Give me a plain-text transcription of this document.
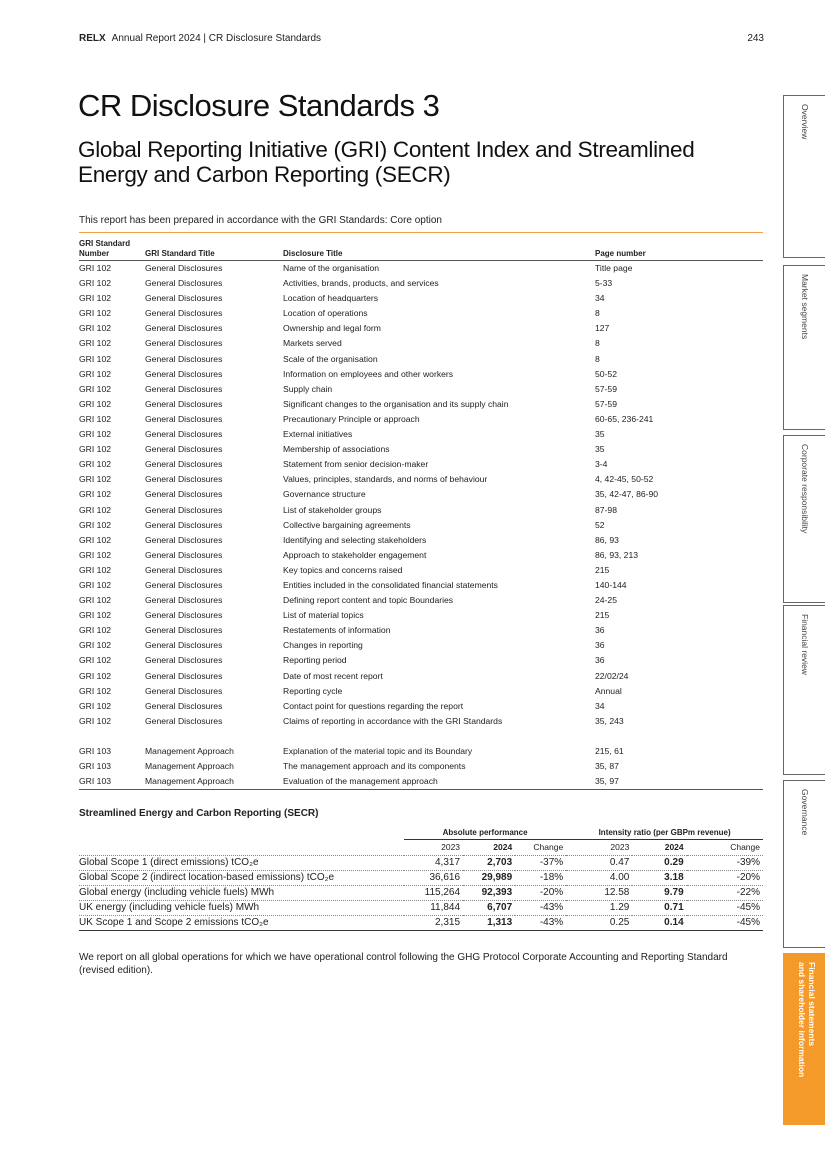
RELX Annual Report 2024 | CR Disclosure Standards	243
CR Disclosure Standards 3
Global Reporting Initiative (GRI) Content Index and Streamlined Energy and Carbon Reporting (SECR)
This report has been prepared in accordance with the GRI Standards: Core option
GRI Standard Number	GRI Standard Title	Disclosure Title	Page number
GRI 102	General Disclosures	Name of the organisation	Title page
GRI 102	General Disclosures	Activities, brands, products, and services	5-33
GRI 102	General Disclosures	Location of headquarters	34
GRI 102	General Disclosures	Location of operations	8
GRI 102	General Disclosures	Ownership and legal form	127
GRI 102	General Disclosures	Markets served	8
GRI 102	General Disclosures	Scale of the organisation	8
GRI 102	General Disclosures	Information on employees and other workers	50-52
GRI 102	General Disclosures	Supply chain	57-59
GRI 102	General Disclosures	Significant changes to the organisation and its supply chain	57-59
GRI 102	General Disclosures	Precautionary Principle or approach	60-65, 236-241
GRI 102	General Disclosures	External initiatives	35
GRI 102	General Disclosures	Membership of associations	35
GRI 102	General Disclosures	Statement from senior decision-maker	3-4
GRI 102	General Disclosures	Values, principles, standards, and norms of behaviour	4, 42-45, 50-52
GRI 102	General Disclosures	Governance structure	35, 42-47, 86-90
GRI 102	General Disclosures	List of stakeholder groups	87-98
GRI 102	General Disclosures	Collective bargaining agreements	52
GRI 102	General Disclosures	Identifying and selecting stakeholders	86, 93
GRI 102	General Disclosures	Approach to stakeholder engagement	86, 93, 213
GRI 102	General Disclosures	Key topics and concerns raised	215
GRI 102	General Disclosures	Entities included in the consolidated financial statements	140-144
GRI 102	General Disclosures	Defining report content and topic Boundaries	24-25
GRI 102	General Disclosures	List of material topics	215
GRI 102	General Disclosures	Restatements of information	36
GRI 102	General Disclosures	Changes in reporting	36
GRI 102	General Disclosures	Reporting period	36
GRI 102	General Disclosures	Date of most recent report	22/02/24
GRI 102	General Disclosures	Reporting cycle	Annual
GRI 102	General Disclosures	Contact point for questions regarding the report	34
GRI 102	General Disclosures	Claims of reporting in accordance with the GRI Standards	35, 243

GRI 103	Management Approach	Explanation of the material topic and its Boundary	215, 61
GRI 103	Management Approach	The management approach and its components	35, 87
GRI 103	Management Approach	Evaluation of the management approach	35, 97
Streamlined Energy and Carbon Reporting (SECR)
	Absolute performance			Intensity ratio (per GBPm revenue)		
	2023	2024	Change	2023	2024	Change
Global Scope 1 (direct emissions) tCO₂e	4,317	2,703	-37%	0.47	0.29	-39%
Global Scope 2 (indirect location-based emissions) tCO₂e	36,616	29,989	-18%	4.00	3.18	-20%
Global energy (including vehicle fuels) MWh	115,264	92,393	-20%	12.58	9.79	-22%
UK energy (including vehicle fuels) MWh	11,844	6,707	-43%	1.29	0.71	-45%
UK Scope 1 and Scope 2 emissions tCO₂e	2,315	1,313	-43%	0.25	0.14	-45%
We report on all global operations for which we have operational control following the GHG Protocol Corporate Accounting and Reporting Standard (revised edition).
Overview
Market segments
Corporate responsibility
Financial review
Governance
Financial statements
and shareholder information
